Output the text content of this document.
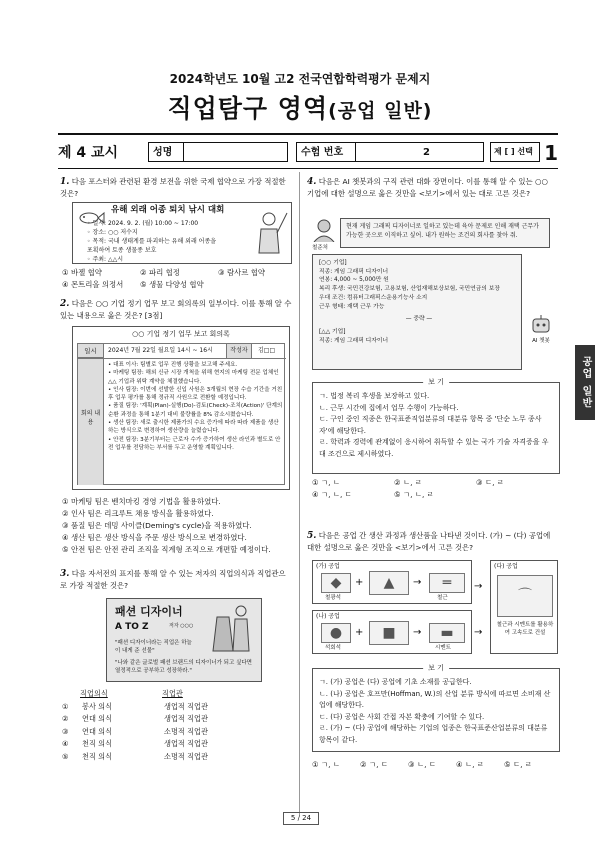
2024학년도 10월 고2 전국연합학력평가 문제지
직업탐구 영역(공업 일반)
제 4 교시	성명	수험 번호	2	제 [ ] 선택 1
공업 일반
1. 다음 포스터와 관련된 환경 보전을 위한 국제 협약으로 가장 적절한 것은?
유해 외래 어종 퇴치 낚시 대회
◦ 일시: 2024. 9. 2. (월) 10:00 ~ 17:00
◦ 장소: ○○ 저수지
◦ 목적: 국내 생태계를 파괴하는 유해 외래 어종을
포획하여 토종 생물종 보호
◦ 주최: △△시
① 바젤 협약	② 파리 협정	③ 람사르 협약
④ 몬트리올 의정서 ⑤ 생물 다양성 협약
2. 다음은 ○○ 기업 정기 업무 보고 회의록의 일부이다. 이를 통해 알 수 있는 내용으로 옳은 것은? [3점]
○○ 기업 정기 업무 보고 회의록
일시	2024년 7월 22일 월요일 14시 ~ 16시	작성자	김□□
회의 내용
• 대표 이사: 팀별로 업무 진행 상황을 보고해 주세요.
• 마케팅 팀장: 해외 신규 시장 개척을 위해 현지의 마케팅 전문 업체인 △△ 기업과 위탁 계약을 체결했습니다.
• 인사 팀장: 이번에 선발한 신입 사원은 3개월의 현장 수습 기간을 거친 후 업무 평가를 통해 정규직 사원으로 전환할 예정입니다.
• 품질 팀장: '계획(Plan)-실행(Do)-검토(Check)-조치(Action)' 단계의 순환 과정을 통해 1분기 대비 불량률을 8% 감소시켰습니다.
• 생산 팀장: 새로 출시한 제품가의 수요 증가에 따라 따라 제품을 생산하는 방식으로 변경하여 생산량을 늘렸습니다.
• 안전 팀장: 3분기부터는 근로자 수가 증가하여 생산 라인과 별도로 안전 업무를 전담하는 부서를 두고 운영할 계획입니다.
① 마케팅 팀은 벤치마킹 경영 기법을 활용하였다.
② 인사 팀은 리크루트 채용 방식을 활용하였다.
③ 품질 팀은 데밍 사이클(Deming's cycle)을 적용하였다.
④ 생산 팀은 생산 방식을 주문 생산 방식으로 변경하였다.
⑤ 안전 팀은 안전 관리 조직을 직계형 조직으로 개편할 예정이다.
3. 다음 자서전의 표지를 통해 알 수 있는 저자의 직업의식과 직업관으로 가장 적절한 것은?
패션 디자이너
A TO Z	저자 ○○○
"패션 디자이너라는 직업은 하늘이 내게 준 선물"
"나와 같은 글로벌 패션 브랜드의 디자이너가 되고 싶다면 열정적으로 공부하고 성장하라."
직업의식	직업관
① 봉사 의식	생업적 직업관
② 연대 의식	생업적 직업관
③ 연대 의식	소명적 직업관
④ 천직 의식	생업적 직업관
⑤ 천직 의식	소명적 직업관
4. 다음은 AI 챗봇과의 구직 관련 대화 장면이다. 이를 통해 알 수 있는 ○○ 기업에 대한 설명으로 옳은 것만을 <보기>에서 있는 대로 고른 것은?
철준처
현재 게임 그래픽 디자이너로 일하고 있는데 육아 문제로 인해 재택 근무가 가능한 곳으로 이직하고 싶어. 내가 원하는 조건의 회사를 찾아 줘.
[○○ 기업]
직종: 게임 그래픽 디자이너
연봉: 4,000 ~ 5,000만 원
복리 후생: 국민건강보험, 고용보험, 산업재해보상보험, 국민연금의 보장
우대 조건: 컴퓨터그래픽스운용기능사 소지
근무 형태: 재택 근무 가능
— 중략 —
[△△ 기업]
직종: 게임 그래픽 디자이너	AI 챗봇
보 기
ㄱ. 법정 복리 후생을 보장하고 있다.
ㄴ. 근무 시간에 집에서 업무 수행이 가능하다.
ㄷ. 구인 중인 직종은 한국표준직업분류의 대분류 항목 중 '단순 노무 종사자'에 해당한다.
ㄹ. 학력과 경력에 관계없이 응시하여 취득할 수 있는 국가 기술 자격증을 우대 조건으로 제시하였다.
① ㄱ, ㄴ	② ㄴ, ㄹ	③ ㄷ, ㄹ
④ ㄱ, ㄴ, ㄷ	⑤ ㄱ, ㄴ, ㄹ
5. 다음은 공업 간 생산 과정과 생산품을 나타낸 것이다. (가) ~ (다) 공업에 대한 설명으로 옳은 것만을 <보기>에서 고른 것은?
(가) 공업
◆	+	▲	→	═
철광석	철근
(나) 공업
●	+	■	→	▬
석회석	시멘트
→
→
(다) 공업
⌒
철근과 시멘트를 활용하여 고속도로 건설
보 기
ㄱ. (가) 공업은 (다) 공업에 기초 소재를 공급한다.
ㄴ. (나) 공업은 호프만(Hoffman, W.)의 산업 분류 방식에 따르면 소비재 산업에 해당한다.
ㄷ. (다) 공업은 사회 간접 자본 확충에 기여할 수 있다.
ㄹ. (가) ~ (다) 공업에 해당하는 기업의 업종은 한국표준산업분류의 대분류 항목이 같다.
① ㄱ, ㄴ	② ㄱ, ㄷ	③ ㄴ, ㄷ	④ ㄴ, ㄹ	⑤ ㄷ, ㄹ
5 / 24
